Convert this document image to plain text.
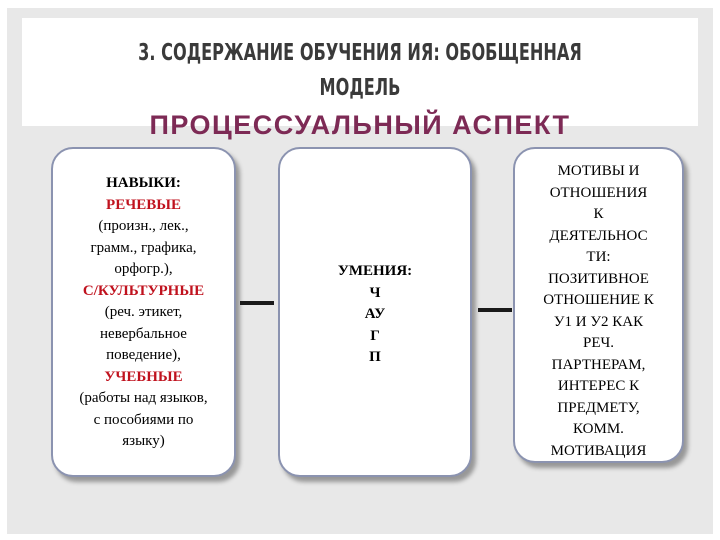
3. СОДЕРЖАНИЕ ОБУЧЕНИЯ ИЯ: ОБОБЩЕННАЯ
МОДЕЛЬ
ПРОЦЕССУАЛЬНЫЙ АСПЕКТ
НАВЫКИ:
РЕЧЕВЫЕ
(произн., лек.,
грамм., графика,
орфогр.),
С/КУЛЬТУРНЫЕ
(реч. этикет,
невербальное
поведение),
УЧЕБНЫЕ
(работы над языков,
с пособиями по
языку)
УМЕНИЯ:
Ч
АУ
Г
П
МОТИВЫ И
ОТНОШЕНИЯ
К
ДЕЯТЕЛЬНОС
ТИ:
ПОЗИТИВНОЕ
ОТНОШЕНИЕ К
У1 И У2 КАК
РЕЧ.
ПАРТНЕРАМ,
ИНТЕРЕС К
ПРЕДМЕТУ,
КОММ.
МОТИВАЦИЯ
